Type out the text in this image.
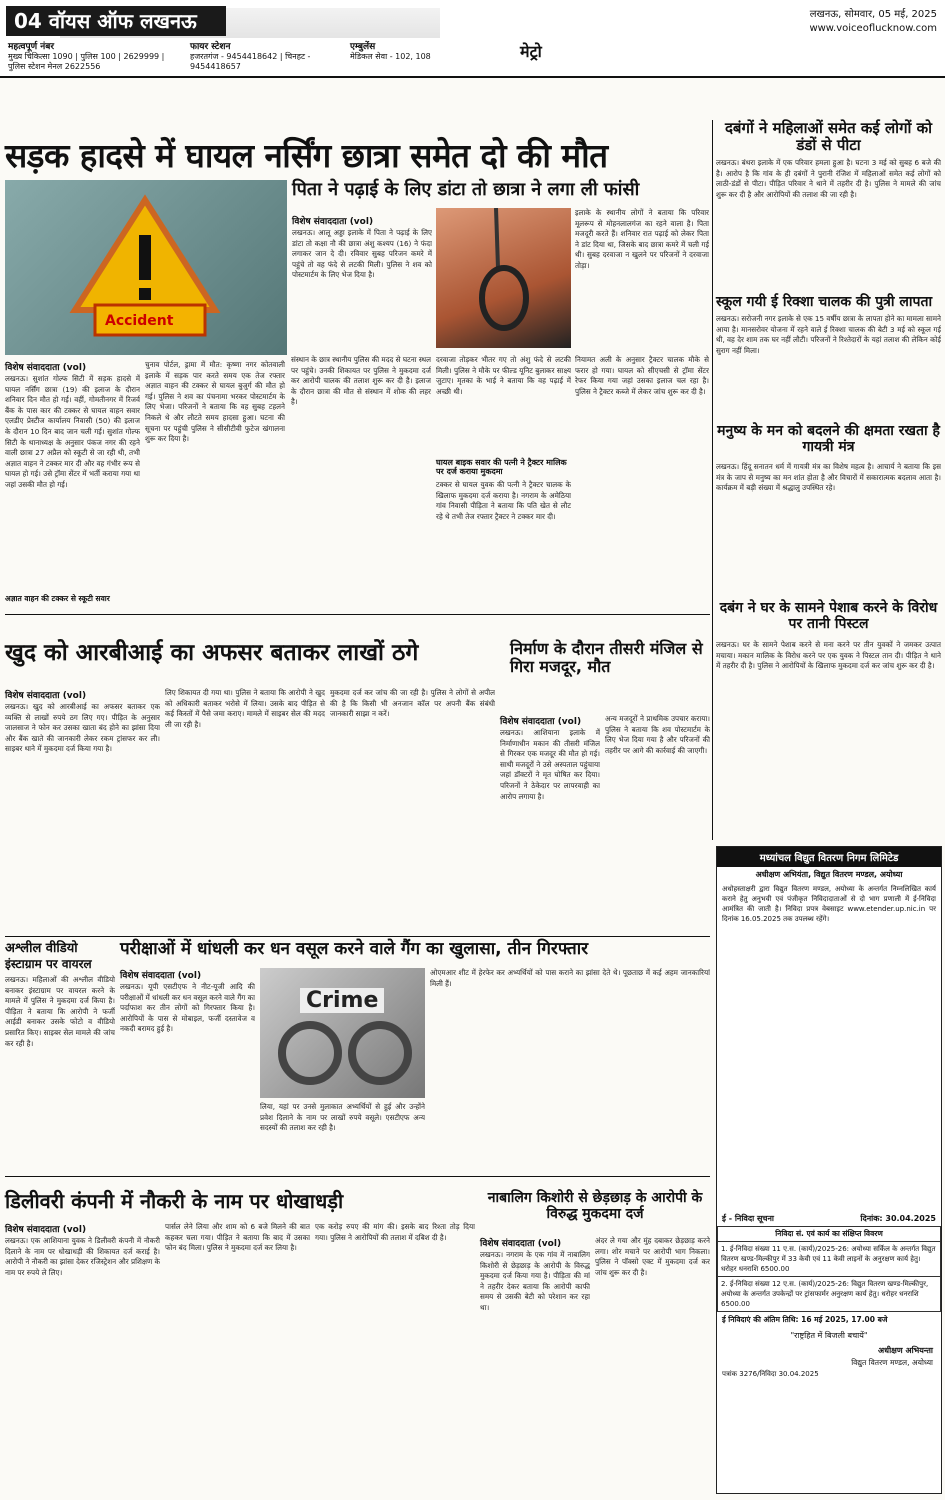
04 वॉयस ऑफ लखनऊ	लखनऊ, सोमवार, 05 मई, 2025
www.voiceoflucknow.com
मेट्रो
महत्वपूर्ण नंबर
मुख्य चिकित्सा 1090 | पुलिस 100 | 2629999 | पुलिस स्टेशन मेनल 2622556
फायर स्टेशन
हजरतगंज - 9454418642 | चिनहट - 9454418657
एम्बुलेंस
मेडिकल सेवा - 102, 108
सड़क हादसे में घायल नर्सिंग छात्रा समेत दो की मौत
Accident
पिता ने पढ़ाई के लिए डांटा तो छात्रा ने लगा ली फांसी
विशेष संवाददाता (vol)
लखनऊ। आलू अड्डा इलाके में पिता ने पढ़ाई के लिए डांटा तो कक्षा नौ की छात्रा अंशु कश्यप (16) ने फंदा लगाकर जान दे दी। रविवार सुबह परिजन कमरे में पहुंचे तो वह फंदे से लटकी मिली। पुलिस ने शव को पोस्टमार्टम के लिए भेज दिया है।
इलाके के स्थानीय लोगों ने बताया कि परिवार मूलरूप से मोहनलालगंज का रहने वाला है। पिता मजदूरी करते हैं। शनिवार रात पढ़ाई को लेकर पिता ने डांट दिया था, जिसके बाद छात्रा कमरे में चली गई थी। सुबह दरवाजा न खुलने पर परिजनों ने दरवाजा तोड़ा।
विशेष संवाददाता (vol)
लखनऊ। सुशांत गोल्फ सिटी में सड़क हादसे में घायल नर्सिंग छात्रा (19) की इलाज के दौरान शनिवार दिन मौत हो गई। वहीं, गोमतीनगर में रिजर्व बैंक के पास कार की टक्कर से घायल वाहन सवार एलडीए प्रेस्टीज कार्यालय निवासी (50) की इलाज के दौरान 10 दिन बाद जान चली गई। सुशांत गोल्फ सिटी के थानाध्यक्ष के अनुसार पंकज नगर की रहने वाली छात्रा 27 अप्रैल को स्कूटी से जा रही थी, तभी अज्ञात वाहन ने टक्कर मार दी और वह गंभीर रूप से घायल हो गई। उसे ट्रॉमा सेंटर में भर्ती कराया गया था जहां उसकी मौत हो गई।
अज्ञात वाहन की टक्कर से स्कूटी सवार
चुनाव पोर्टल, ड्रामा में मौत: कृष्णा नगर कोतवाली इलाके में सड़क पार करते समय एक तेज रफ्तार अज्ञात वाहन की टक्कर से घायल बुजुर्ग की मौत हो गई। पुलिस ने शव का पंचनामा भरकर पोस्टमार्टम के लिए भेजा। परिजनों ने बताया कि वह सुबह टहलने निकले थे और लौटते समय हादसा हुआ। घटना की सूचना पर पहुंची पुलिस ने सीसीटीवी फुटेज खंगालना शुरू कर दिया है।
संस्थान के छात्र स्थानीय पुलिस की मदद से घटना स्थल पर पहुंचे। उनकी शिकायत पर पुलिस ने मुकदमा दर्ज कर आरोपी चालक की तलाश शुरू कर दी है। इलाज के दौरान छात्रा की मौत से संस्थान में शोक की लहर है।
दरवाजा तोड़कर भीतर गए तो अंशु फंदे से लटकी मिली। पुलिस ने मौके पर फील्ड यूनिट बुलाकर साक्ष्य जुटाए। मृतका के भाई ने बताया कि वह पढ़ाई में अच्छी थी।
घायल बाइक सवार की पत्नी ने ट्रैक्टर मालिक पर दर्ज कराया मुकदमा
टक्कर से घायल युवक की पत्नी ने ट्रैक्टर चालक के खिलाफ मुकदमा दर्ज कराया है। नगराम के अमेठिया गांव निवासी पीड़िता ने बताया कि पति खेत से लौट रहे थे तभी तेज रफ्तार ट्रैक्टर ने टक्कर मार दी।
नियामत अली के अनुसार ट्रैक्टर चालक मौके से फरार हो गया। घायल को सीएचसी से ट्रॉमा सेंटर रेफर किया गया जहां उसका इलाज चल रहा है। पुलिस ने ट्रैक्टर कब्जे में लेकर जांच शुरू कर दी है।
दबंगों ने महिलाओं समेत कई लोगों को डंडों से पीटा
लखनऊ। बंथरा इलाके में एक परिवार हमला हुआ है। घटना 3 मई को सुबह 6 बजे की है। आरोप है कि गांव के ही दबंगों ने पुरानी रंजिश में महिलाओं समेत कई लोगों को लाठी-डंडों से पीटा। पीड़ित परिवार ने थाने में तहरीर दी है। पुलिस ने मामले की जांच शुरू कर दी है और आरोपियों की तलाश की जा रही है।
स्कूल गयी ई रिक्शा चालक की पुत्री लापता
लखनऊ। सरोजनी नगर इलाके से एक 15 वर्षीय छात्रा के लापता होने का मामला सामने आया है। मानसरोवर योजना में रहने वाले ई रिक्शा चालक की बेटी 3 मई को स्कूल गई थी, वह देर शाम तक घर नहीं लौटी। परिजनों ने रिश्तेदारों के यहां तलाश की लेकिन कोई सुराग नहीं मिला।
मनुष्य के मन को बदलने की क्षमता रखता है गायत्री मंत्र
लखनऊ। हिंदू सनातन धर्म में गायत्री मंत्र का विशेष महत्व है। आचार्य ने बताया कि इस मंत्र के जाप से मनुष्य का मन शांत होता है और विचारों में सकारात्मक बदलाव आता है। कार्यक्रम में बड़ी संख्या में श्रद्धालु उपस्थित रहे।
दबंग ने घर के सामने पेशाब करने के विरोध पर तानी पिस्टल
लखनऊ। घर के सामने पेशाब करने से मना करने पर तीन युवकों ने जमकर उत्पात मचाया। मकान मालिक के विरोध करने पर एक युवक ने पिस्टल तान दी। पीड़ित ने थाने में तहरीर दी है। पुलिस ने आरोपियों के खिलाफ मुकदमा दर्ज कर जांच शुरू कर दी है।
खुद को आरबीआई का अफसर बताकर लाखों ठगे
विशेष संवाददाता (vol)
लखनऊ। खुद को आरबीआई का अफसर बताकर एक व्यक्ति से लाखों रुपये ठग लिए गए। पीड़ित के अनुसार जालसाज ने फोन कर उसका खाता बंद होने का झांसा दिया और बैंक खाते की जानकारी लेकर रकम ट्रांसफर कर ली। साइबर थाने में मुकदमा दर्ज किया गया है।
लिए शिकायत दी गया था। पुलिस ने बताया कि आरोपी ने खुद को अधिकारी बताकर भरोसे में लिया। उसके बाद पीड़ित से कई किस्तों में पैसे जमा कराए। मामले में साइबर सेल की मदद ली जा रही है।
मुकदमा दर्ज कर जांच की जा रही है। पुलिस ने लोगों से अपील की है कि किसी भी अनजान कॉल पर अपनी बैंक संबंधी जानकारी साझा न करें।
निर्माण के दौरान तीसरी मंजिल से गिरा मजदूर, मौत
विशेष संवाददाता (vol)
लखनऊ। आशियाना इलाके में निर्माणाधीन मकान की तीसरी मंजिल से गिरकर एक मजदूर की मौत हो गई। साथी मजदूरों ने उसे अस्पताल पहुंचाया जहां डॉक्टरों ने मृत घोषित कर दिया। परिजनों ने ठेकेदार पर लापरवाही का आरोप लगाया है।
अन्य मजदूरों ने प्राथमिक उपचार कराया। पुलिस ने बताया कि शव पोस्टमार्टम के लिए भेज दिया गया है और परिजनों की तहरीर पर आगे की कार्रवाई की जाएगी।
अश्लील वीडियो
इंस्टाग्राम पर वायरल
लखनऊ। महिलाओं की अश्लील वीडियो बनाकर इंस्टाग्राम पर वायरल करने के मामले में पुलिस ने मुकदमा दर्ज किया है। पीड़िता ने बताया कि आरोपी ने फर्जी आईडी बनाकर उसके फोटो व वीडियो प्रसारित किए। साइबर सेल मामले की जांच कर रही है।
परीक्षाओं में धांधली कर धन वसूल करने वाले गैंग का खुलासा, तीन गिरफ्तार
विशेष संवाददाता (vol)
लखनऊ। यूपी एसटीएफ ने नीट-यूजी आदि की परीक्षाओं में धांधली कर धन वसूल करने वाले गैंग का पर्दाफाश कर तीन लोगों को गिरफ्तार किया है। आरोपियों के पास से मोबाइल, फर्जी दस्तावेज व नकदी बरामद हुई है।
Crime
लिया, यहां पर उनसे मुलाकात अभ्यर्थियों से हुई और उन्होंने प्रवेश दिलाने के नाम पर लाखों रुपये वसूले। एसटीएफ अन्य सदस्यों की तलाश कर रही है।
ओएमआर शीट में हेरफेर कर अभ्यर्थियों को पास कराने का झांसा देते थे। पूछताछ में कई अहम जानकारियां मिली हैं।
डिलीवरी कंपनी में नौकरी के नाम पर धोखाधड़ी
विशेष संवाददाता (vol)
लखनऊ। एक आशियाना युवक ने डिलीवरी कंपनी में नौकरी दिलाने के नाम पर धोखाधड़ी की शिकायत दर्ज कराई है। आरोपी ने नौकरी का झांसा देकर रजिस्ट्रेशन और प्रशिक्षण के नाम पर रुपये ले लिए।
पार्सल लेने लिया और शाम को 6 बजे मिलने की बात कहकर चला गया। पीड़ित ने बताया कि बाद में उसका फोन बंद मिला। पुलिस ने मुकदमा दर्ज कर लिया है।
एक करोड़ रुपए की मांग की। इसके बाद रिश्ता तोड़ दिया गया। पुलिस ने आरोपियों की तलाश में दबिश दी है।
नाबालिग किशोरी से छेड़छाड़ के आरोपी के विरुद्ध मुकदमा दर्ज
विशेष संवाददाता (vol)
लखनऊ। नगराम के एक गांव में नाबालिग किशोरी से छेड़छाड़ के आरोपी के विरुद्ध मुकदमा दर्ज किया गया है। पीड़िता की मां ने तहरीर देकर बताया कि आरोपी काफी समय से उसकी बेटी को परेशान कर रहा था।
अंदर ले गया और मुंह दबाकर छेड़छाड़ करने लगा। शोर मचाने पर आरोपी भाग निकला। पुलिस ने पॉक्सो एक्ट में मुकदमा दर्ज कर जांच शुरू कर दी है।
मध्यांचल विद्युत वितरण निगम लिमिटेड
अधीक्षण अभियंता, विद्युत वितरण मण्डल, अयोध्या
अधोहस्ताक्षरी द्वारा विद्युत वितरण मण्डल, अयोध्या के अन्तर्गत निम्नलिखित कार्य कराने हेतु अनुभवी एवं पंजीकृत निविदादाताओं से दो भाग प्रणाली में ई-निविदा आमंत्रित की जाती है। निविदा प्रपत्र वेबसाइट www.etender.up.nic.in पर दिनांक 16.05.2025 तक उपलब्ध रहेंगे।
ई - निविदा सूचना	दिनांक: 30.04.2025
निविदा सं. एवं कार्य का संक्षिप्त विवरण
1. ई-निविदा संख्या 11 ए.स. (कार्य)/2025-26: अयोध्या सर्किल के अन्तर्गत विद्युत वितरण खण्ड-मिल्कीपुर में 33 केवी एवं 11 केवी लाइनों के अनुरक्षण कार्य हेतु। धरोहर धनराशि 6500.00
2. ई-निविदा संख्या 12 ए.स. (कार्य)/2025-26: विद्युत वितरण खण्ड-मिल्कीपुर, अयोध्या के अन्तर्गत उपकेन्द्रों पर ट्रांसफार्मर अनुरक्षण कार्य हेतु। धरोहर धनराशि 6500.00
ई निविदाएं की अंतिम तिथि: 16 मई 2025, 17.00 बजे
"राष्ट्रहित में बिजली बचायें"
अधीक्षण अभियन्ता
विद्युत वितरण मण्डल, अयोध्या
पत्रांक 3276/निविदा 30.04.2025
